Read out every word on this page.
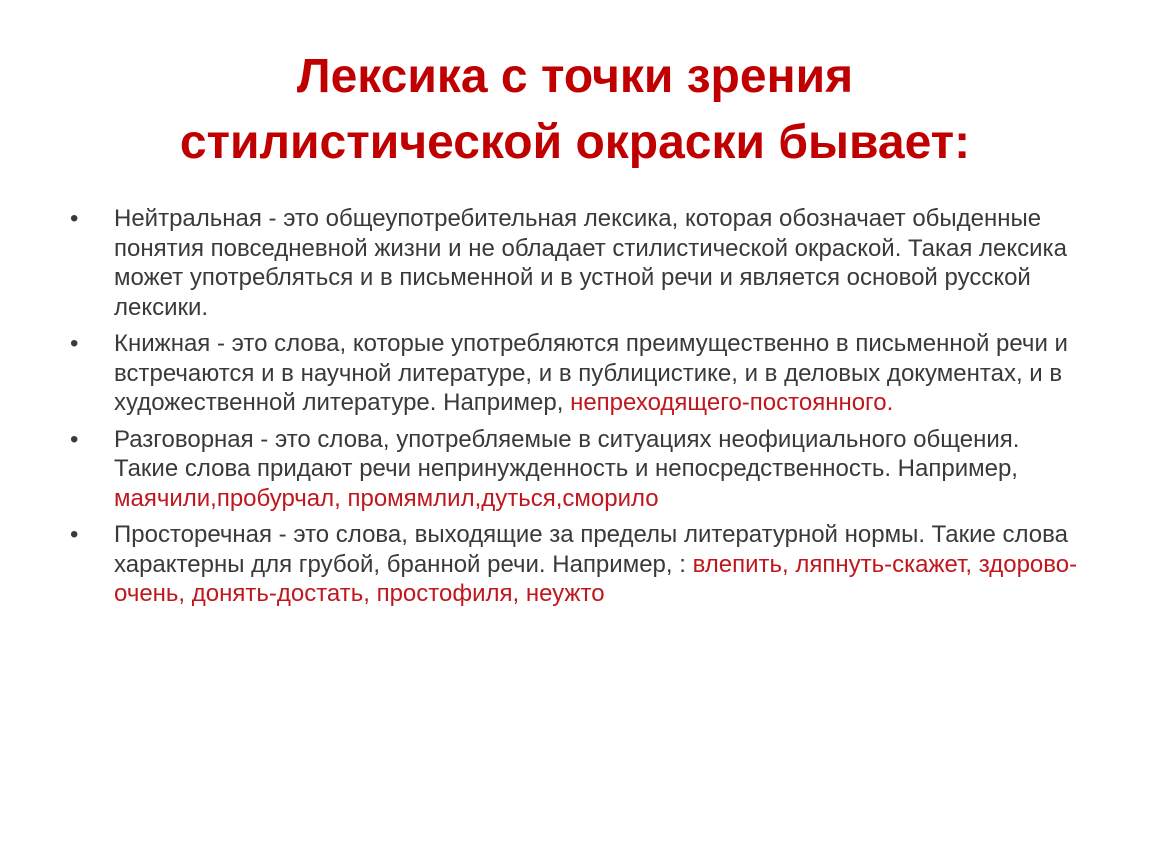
Лексика с точки зрения
стилистической окраски бывает:
•	Нейтральная - это общеупотребительная лексика, которая обозначает обыденные понятия повседневной жизни и не обладает стилистической окраской. Такая лексика может употребляться и в письменной и в устной речи и является основой русской лексики.
•	Книжная - это слова, которые употребляются преимущественно в письменной речи и встречаются и в научной литературе, и в публицистике, и в деловых документах, и в художественной литературе. Например, непреходящего-постоянного.
•	Разговорная - это слова, употребляемые в ситуациях неофициального общения. Такие слова придают речи непринужденность и непосредственность. Например, маячили,пробурчал, промямлил,дуться,сморило
•	Просторечная - это слова, выходящие за пределы литературной нормы. Такие слова характерны для грубой, бранной речи. Например, : влепить, ляпнуть-скажет, здорово-очень, донять-достать, простофиля, неужто
